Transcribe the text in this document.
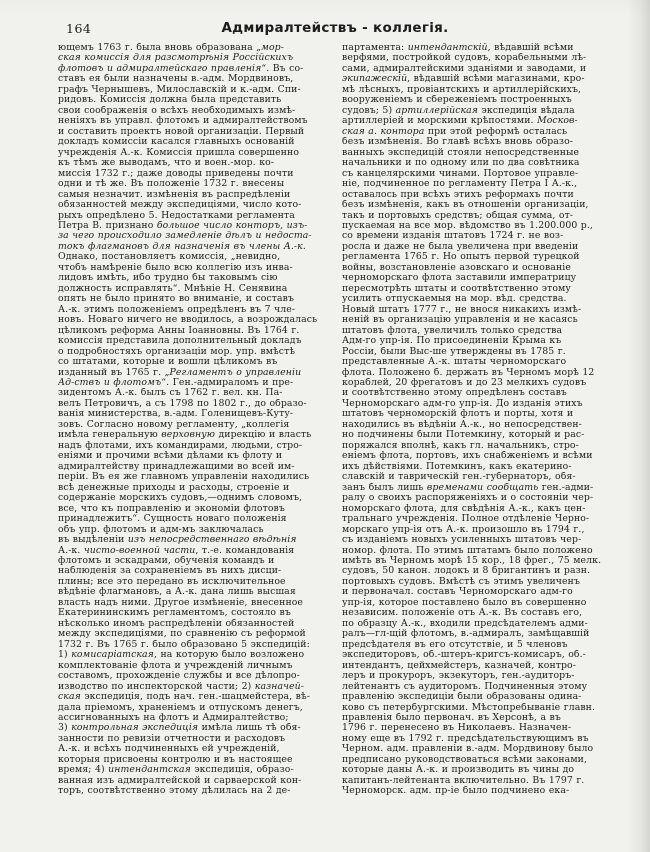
164	Адмиралтействъ - коллегія.
ющемъ 1763 г. была вновь образована „мор-
ская комиссія для разсмотрѣнія Россійскихъ
флотовъ и адмиралтейскаго правленія“. Въ со-
ставъ ея были назначены в.-адм. Мордвиновъ,
графъ Чернышевъ, Милославскій и к.-адм. Спи-
ридовъ. Комиссія должна была представить
свои соображенія о всѣхъ необходимыхъ измѣ-
неніяхъ въ управл. флотомъ и адмиралтействомъ
и составить проектъ новой организаціи. Первый
докладъ комиссіи касался главныхъ основаній
учрежденія А.-к. Комиссія пришла совершенно
къ тѣмъ же выводамъ, что и воен.-мор. ко-
миссія 1732 г.; даже доводы приведены почти
одни и тѣ же. Въ положеніе 1732 г. внесены
самыя незначит. измѣненія въ распредѣленіи
обязанностей между экспедиціями, число кото-
рыхъ опредѣлено 5. Недостатками регламента
Петра В. признано большое число конторъ, изъ-
за чего происходило замедленіе дѣлъ и недоста-
токъ флагмановъ для назначенія въ члены А.-к.
Однако, постановляетъ комиссія, „невидно,
чтобъ намѣреніе было всю коллегію изъ инва-
лидовъ имѣть, ибо трудно бы таковымъ сію
должность исправлять“. Мнѣніе Н. Сенявина
опять не было принято во вниманіе, и составъ
А.-к. этимъ положеніемъ опредѣленъ въ 7 чле-
новъ. Новаго ничего не вводилось, а возрождалась
цѣликомъ реформа Анны Іоанновны. Въ 1764 г.
комиссія представила дополнительный докладъ
о подробностяхъ организаціи мор. упр. вмѣстѣ
со штатами, которые и вошли цѣликомъ въ
изданный въ 1765 г. „Регламентъ о управленіи
Ад-ствъ и флотомъ“. Ген.-адмираломъ и пре-
зидентомъ А.-к. былъ съ 1762 г. вел. кн. Па-
велъ Петровичъ, а съ 1798 по 1802 г., до образо-
ванія министерства, в.-адм. Голенищевъ-Куту-
зовъ. Согласно новому регламенту, „коллегія
имѣла генеральную верховную дирекцію и власть
надъ флотами, ихъ командирами, людьми, стро-
еніями и прочими всѣми дѣлами къ флоту и
адмиралтейству принадлежащими во всей им-
періи. Въ ея же главномъ управленіи находились
всѣ денежные приходы и расходы, строеніе и
содержаніе морскихъ судовъ,—однимъ словомъ,
все, что къ поправленію и экономіи флотовъ
принадлежитъ“. Сущность новаго положенія
объ упр. флотомъ и адм-мъ заключалась
въ выдѣленіи изъ непосредственнаго вѣдѣнія
А.-к. чисто-военной части, т.-е. командованія
флотомъ и эскадрами, обученія командъ и
наблюденія за сохраненіемъ въ нихъ дисци-
плины; все это передано въ исключительное
вѣдѣніе флагмановъ, а А.-к. дана лишь высшая
власть надъ ними. Другое измѣненіе, внесенное
Екатерининскимъ регламентомъ, состояло въ
нѣсколько иномъ распредѣленіи обязанностей
между экспедиціями, по сравненію съ реформой
1732 г. Въ 1765 г. было образовано 5 экспедицій:
1) комисаріатская, на которую было возложено
комплектованіе флота и учрежденій личнымъ
составомъ, прохожденіе службы и все дѣлопро-
изводство по инспекторской части; 2) казначей-
ская экспедиція, подъ нач. ген.-шацмейстера, вѣ-
дала пріемомъ, храненіемъ и отпускомъ денегъ,
ассигнованныхъ на флотъ и Адмиралтейство;
3) контрольная экспедиція имѣла лишь тѣ обя-
занности по ревизіи отчетности и расходовъ
А.-к. и всѣхъ подчиненныхъ ей учрежденій,
которыя присвоены контролю и въ настоящее
время; 4) интендантская экспедиція, образо-
ванная изъ адмиралтейской и сарваерской кон-
торъ, соотвѣтственно этому дѣлилась на 2 де-
партамента: интендантскій, вѣдавшій всѣми
верфями, постройкой судовъ, корабельными лѣ-
сами, адмиралтейскими зданіями и заводами, и
экипажескій, вѣдавшій всѣми магазинами, кро-
мѣ лѣсныхъ, провіантскихъ и артиллерійскихъ,
вооруженіемъ и сбереженіемъ построенныхъ
судовъ; 5) артиллерійская экспедиція вѣдала
артиллеріей и морскими крѣпостями. Москов-
ская а. контора при этой реформѣ осталась
безъ измѣненія. Во главѣ всѣхъ вновь образо-
ванныхъ экспедицій стояли непосредственные
начальники и по одному или по два совѣтника
съ канцелярскими чинами. Портовое управле-
ніе, подчиненное по регламенту Петра I А.-к.,
оставалось при всѣхъ этихъ реформахъ почти
безъ измѣненія, какъ въ отношеніи организаціи,
такъ и портовыхъ средствъ; общая сумма, от-
пускаемая на все мор. вѣдомство въ 1.200.000 р.,
со времени изданія штатовъ 1724 г. не воз-
росла и даже не была увеличена при введеніи
регламента 1765 г. Но опытъ первой турецкой
войны, возстановленіе азовскаго и основаніе
черноморскаго флота заставили императрицу
пересмотрѣть штаты и соотвѣтственно этому
усилить отпускаемыя на мор. вѣд. средства.
Новый штатъ 1777 г., не внося никакихъ измѣ-
неній въ организацію управленія и не касаясь
штатовъ флота, увеличилъ только средства
Адм-го упр-ія. По присоединеніи Крыма къ
Россіи, были Выс-ше утверждены въ 1785 г.
представленные А.-к. штаты черноморскаго
флота. Положено б. держать въ Черномъ морѣ 12
кораблей, 20 фрегатовъ и до 23 мелкихъ судовъ
и соотвѣтственно этому опредѣленъ составъ
Черноморскаго адм-го упр-ія. До изданія этихъ
штатовъ черноморскій флотъ и порты, хотя и
находились въ вѣдѣніи А.-к., но непосредствен-
но подчинены были Потемкину, который и рас-
поряжался вполнѣ, какъ гл. начальникъ, стро-
еніемъ флота, портовъ, ихъ снабженіемъ и всѣми
ихъ дѣйствіями. Потемкинъ, какъ екатерино-
славскій и таврическій ген.-губернаторъ, обя-
занъ былъ лишь временами сообщать ген.-адми-
ралу о своихъ распоряженіяхъ и о состояніи чер-
номорскаго флота, для свѣдѣнія А.-к., какъ цен-
тральнаго учрежденія. Полное отдѣленіе Черно-
морскаго упр-ія отъ А.-к. произошло въ 1794 г.,
съ изданіемъ новыхъ усиленныхъ штатовъ чер-
номор. флота. По этимъ штатамъ было положено
имѣть въ Черномъ морѣ 15 кор., 18 фрег., 75 мелк.
судовъ, 50 канон. лодокъ и 8 бригантинъ и разн.
портовыхъ судовъ. Вмѣстѣ съ этимъ увеличенъ
и первоначал. составъ Черноморскаго адм-го
упр-ія, которое поставлено было въ совершенно
независим. положеніе отъ А.-к. Въ составъ его,
по образцу А.-к., входили предсѣдателемъ адми-
ралъ—гл-щій флотомъ, в.-адмиралъ, замѣщавшій
предсѣдателя въ его отсутствіе, и 5 членовъ
экспедиторовъ, об.-штеръ-кригсъ-комисаръ, об.-
интендантъ, цейхмейстеръ, казначей, контро-
леръ и прокуроръ, экзекуторъ, ген.-аудиторъ-
лейтенантъ съ аудиторомъ. Подчиненныя этому
правленію экспедиціи были образованы одина-
ково съ петербургскими. Мѣстопребываніе главн.
правленія было первонач. въ Херсонѣ, а въ
1796 г. перенесено въ Николаевъ. Назначен-
ному еще въ 1792 г. предсѣдательствующимъ въ
Черном. адм. правленіи в.-адм. Мордвинову было
предписано руководствоваться всѣми законами,
которые даны А.-к. и производить въ чины до
капитанъ-лейтенанта включительно. Въ 1797 г.
Черноморск. адм. пр-іе было подчинено ека-
